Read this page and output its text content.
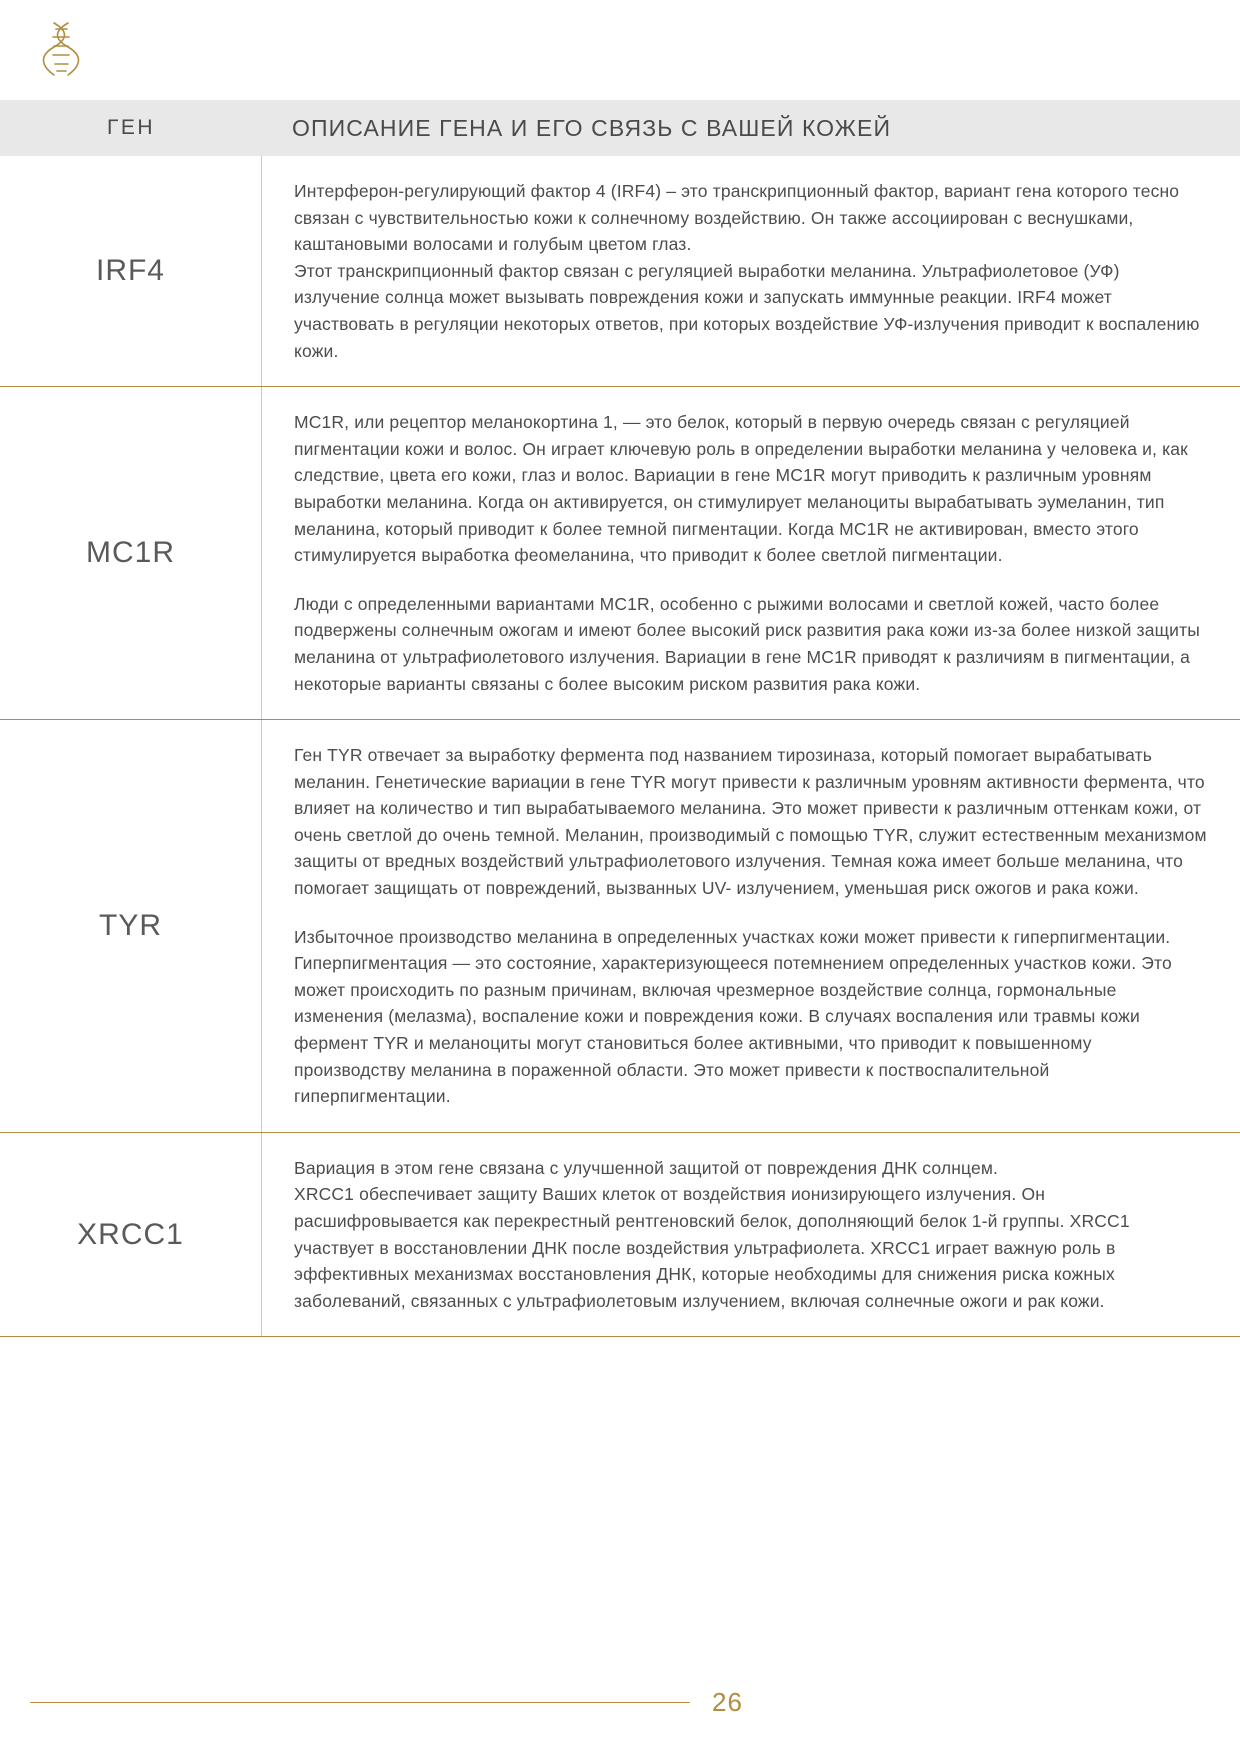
ГЕН	ОПИСАНИЕ ГЕНА И ЕГО СВЯЗЬ С ВАШЕЙ КОЖЕЙ
IRF4

Интерферон-регулирующий фактор 4 (IRF4) – это транскрипционный фактор, вариант гена которого тесно связан с чувствительностью кожи к солнечному воздействию. Он также ассоциирован с веснушками, каштановыми волосами и голубым цветом глаз.

Этот транскрипционный фактор связан с регуляцией выработки меланина. Ультрафиолетовое (УФ) излучение солнца может вызывать повреждения кожи и запускать иммунные реакции. IRF4 может участвовать в регуляции некоторых ответов, при которых воздействие УФ-излучения приводит к воспалению кожи.

MC1R

MC1R, или рецептор меланокортина 1, — это белок, который в первую очередь связан с регуляцией пигментации кожи и волос. Он играет ключевую роль в определении выработки меланина у человека и, как следствие, цвета его кожи, глаз и волос. Вариации в гене MC1R могут приводить к различным уровням выработки меланина. Когда он активируется, он стимулирует меланоциты вырабатывать эумеланин, тип меланина, который приводит к более темной пигментации. Когда MC1R не активирован, вместо этого стимулируется выработка феомеланина, что приводит к более светлой пигментации.

Люди с определенными вариантами MC1R, особенно с рыжими волосами и светлой кожей, часто более подвержены солнечным ожогам и имеют более высокий риск развития рака кожи из-за более низкой защиты меланина от ультрафиолетового излучения. Вариации в гене MC1R приводят к различиям в пигментации, а некоторые варианты связаны с более высоким риском развития рака кожи.

TYR

Ген TYR отвечает за выработку фермента под названием тирозиназа, который помогает вырабатывать меланин. Генетические вариации в гене TYR могут привести к различным уровням активности фермента, что влияет на количество и тип вырабатываемого меланина. Это может привести к различным оттенкам кожи, от очень светлой до очень темной. Меланин, производимый с помощью TYR, служит естественным механизмом защиты от вредных воздействий ультрафиолетового излучения. Темная кожа имеет больше меланина, что помогает защищать от повреждений, вызванных UV- излучением, уменьшая риск ожогов и рака кожи.

Избыточное производство меланина в определенных участках кожи может привести к гиперпигментации. Гиперпигментация — это состояние, характеризующееся потемнением определенных участков кожи. Это может происходить по разным причинам, включая чрезмерное воздействие солнца, гормональные изменения (мелазма), воспаление кожи и повреждения кожи. В случаях воспаления или травмы кожи фермент TYR и меланоциты могут становиться более активными, что приводит к повышенному производству меланина в пораженной области. Это может привести к поствоспалительной гиперпигментации.

XRCC1

Вариация в этом гене связана с улучшенной защитой от повреждения ДНК солнцем.

XRCC1 обеспечивает защиту Ваших клеток от воздействия ионизирующего излучения. Он расшифровывается как перекрестный рентгеновский белок, дополняющий белок 1-й группы. XRCC1 участвует в восстановлении ДНК после воздействия ультрафиолета. XRCC1 играет важную роль в эффективных механизмах восстановления ДНК, которые необходимы для снижения риска кожных заболеваний, связанных с ультрафиолетовым излучением, включая солнечные ожоги и рак кожи.

26
